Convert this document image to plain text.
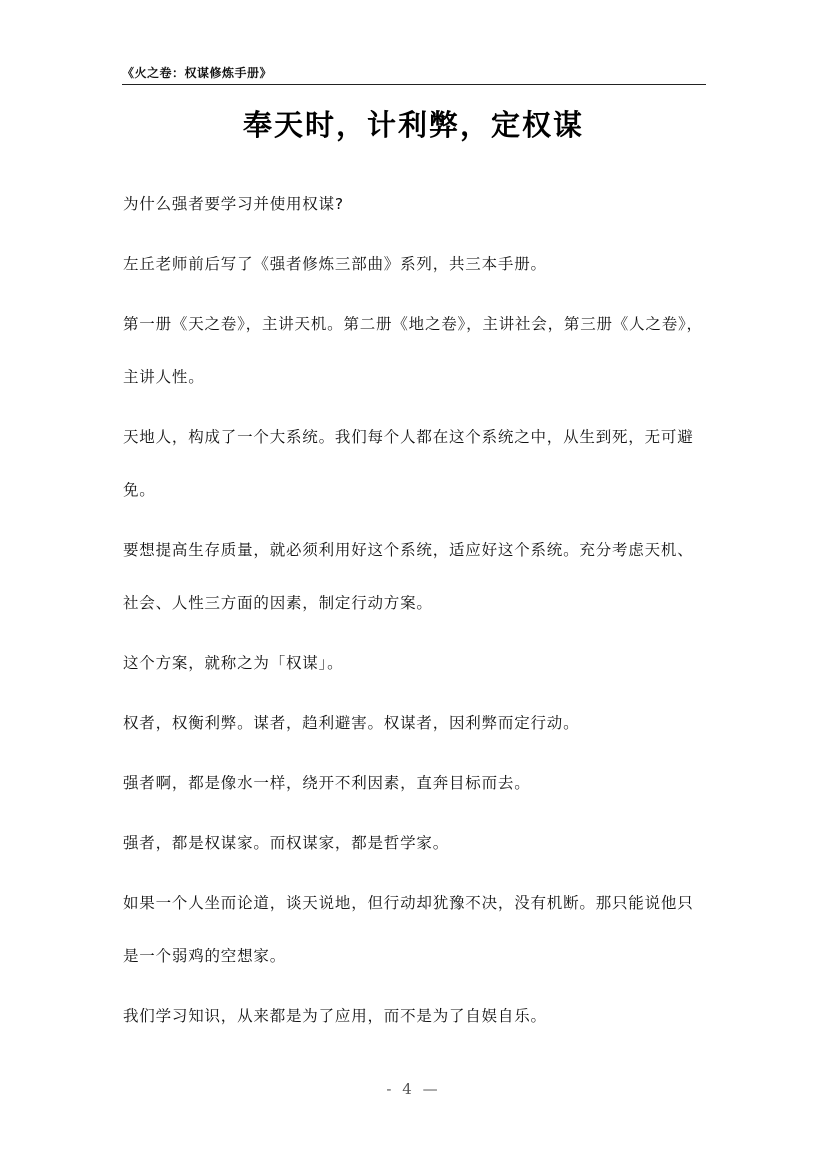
《火之卷：权谋修炼手册》
奉天时，计利弊，定权谋

为什么强者要学习并使用权谋?

左丘老师前后写了《强者修炼三部曲》系列，共三本手册。

第一册《天之卷》，主讲天机。第二册《地之卷》，主讲社会，第三册《人之卷》，主讲人性。

天地人，构成了一个大系统。我们每个人都在这个系统之中，从生到死，无可避免。

要想提高生存质量，就必须利用好这个系统，适应好这个系统。充分考虑天机、社会、人性三方面的因素，制定行动方案。

这个方案，就称之为「权谋」。

权者，权衡利弊。谋者，趋利避害。权谋者，因利弊而定行动。

强者啊，都是像水一样，绕开不利因素，直奔目标而去。

强者，都是权谋家。而权谋家，都是哲学家。

如果一个人坐而论道，谈天说地，但行动却犹豫不决，没有机断。那只能说他只是一个弱鸡的空想家。

我们学习知识，从来都是为了应用，而不是为了自娱自乐。

- 4 —
